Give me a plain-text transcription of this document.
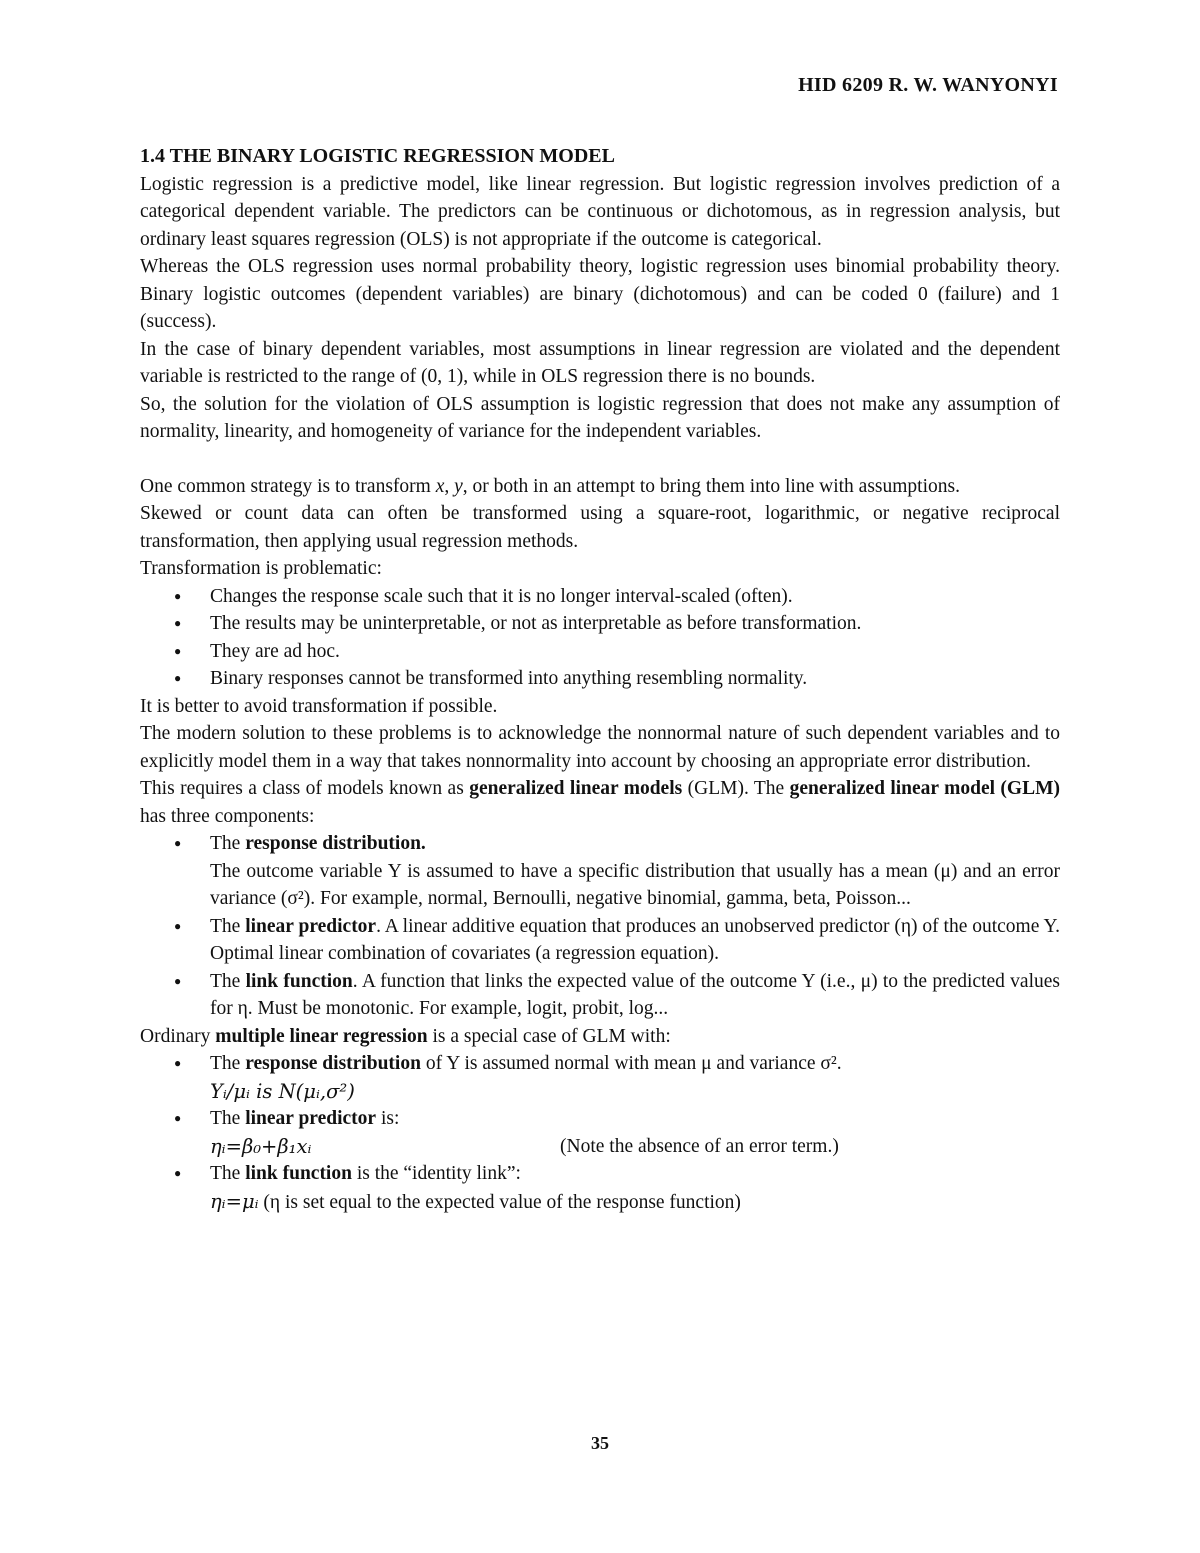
HID 6209 R. W. WANYONYI
1.4 THE BINARY LOGISTIC REGRESSION MODEL

Logistic regression is a predictive model, like linear regression. But logistic regression involves prediction of a categorical dependent variable. The predictors can be continuous or dichotomous, as in regression analysis, but ordinary least squares regression (OLS) is not appropriate if the outcome is categorical.

Whereas the OLS regression uses normal probability theory, logistic regression uses binomial probability theory. Binary logistic outcomes (dependent variables) are binary (dichotomous) and can be coded 0 (failure) and 1 (success).

In the case of binary dependent variables, most assumptions in linear regression are violated and the dependent variable is restricted to the range of (0, 1), while in OLS regression there is no bounds.

So, the solution for the violation of OLS assumption is logistic regression that does not make any assumption of normality, linearity, and homogeneity of variance for the independent variables.

One common strategy is to transform x, y, or both in an attempt to bring them into line with assumptions.

Skewed or count data can often be transformed using a square-root, logarithmic, or negative reciprocal transformation, then applying usual regression methods.

Transformation is problematic:

● Changes the response scale such that it is no longer interval-scaled (often).
● The results may be uninterpretable, or not as interpretable as before transformation.
● They are ad hoc.
● Binary responses cannot be transformed into anything resembling normality.

It is better to avoid transformation if possible.

The modern solution to these problems is to acknowledge the nonnormal nature of such dependent variables and to explicitly model them in a way that takes nonnormality into account by choosing an appropriate error distribution.

This requires a class of models known as generalized linear models (GLM). The generalized linear model (GLM) has three components:

● The response distribution.
The outcome variable Y is assumed to have a specific distribution that usually has a mean (μ) and an error variance (σ²). For example, normal, Bernoulli, negative binomial, gamma, beta, Poisson...
● The linear predictor. A linear additive equation that produces an unobserved predictor (η) of the outcome Y. Optimal linear combination of covariates (a regression equation).
● The link function. A function that links the expected value of the outcome Y (i.e., μ) to the predicted values for η. Must be monotonic. For example, logit, probit, log...

Ordinary multiple linear regression is a special case of GLM with:

● The response distribution of Y is assumed normal with mean μ and variance σ².
Yᵢ/μᵢ is N(μᵢ,σ²)
● The linear predictor is:
ηᵢ=β₀+β₁xᵢ	(Note the absence of an error term.)
● The link function is the “identity link”:
ηᵢ=μᵢ (η is set equal to the expected value of the response function)
35
